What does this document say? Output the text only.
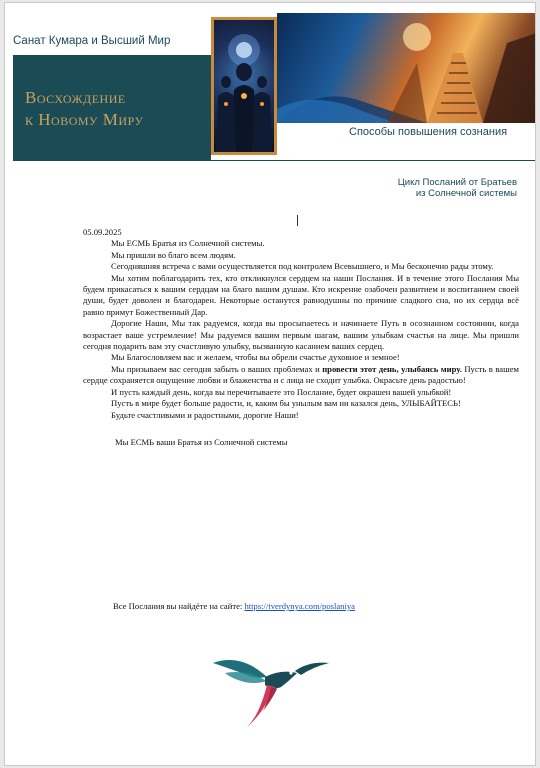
Санат Кумара и Высший Мир
Восхождение
к Новому Миру
Способы повышения сознания
Цикл Посланий от Братьев
из Солнечной системы

05.09.2025

Мы ЕСМЬ Братья из Солнечной системы.

Мы пришли во благо всем людям.

Сегодняшняя встреча с вами осуществляется под контролем Всевышнего, и Мы бесконечно рады этому.

Мы хотим поблагодарить тех, кто откликнулся сердцем на наши Послания. И в течение этого Послания Мы будем прикасаться к вашим сердцам на благо вашим душам. Кто искренне озабочен развитием и воспитанием своей души, будет доволен и благодарен. Некоторые останутся равнодушны по причине сладкого сна, но их сердца всё равно примут Божественный Дар.

Дорогие Наши, Мы так радуемся, когда вы просыпаетесь и начинаете Путь в осознанном состоянии, когда возрастает ваше устремление! Мы радуемся вашим первым шагам, вашим улыбкам счастья на лице. Мы пришли сегодня подарить вам эту счастливую улыбку, вызванную касанием ваших сердец.

Мы Благословляем вас и желаем, чтобы вы обрели счастье духовное и земное!

Мы призываем вас сегодня забыть о ваших проблемах и провести этот день, улыбаясь миру. Пусть в вашем сердце сохраняется ощущение любви и блаженства и с лица не сходит улыбка. Окрасьте день радостью!

И пусть каждый день, когда вы перечитываете это Послание, будет окрашен вашей улыбкой!

Пусть в мире будет больше радости, и, каким бы унылым вам ни казался день, УЛЫБАЙТЕСЬ!

Будьте счастливыми и радостными, дорогие Наши!

Мы ЕСМЬ ваши Братья из Солнечной системы

Все Послания вы найдёте на сайте: https://tverdynya.com/poslaniya
